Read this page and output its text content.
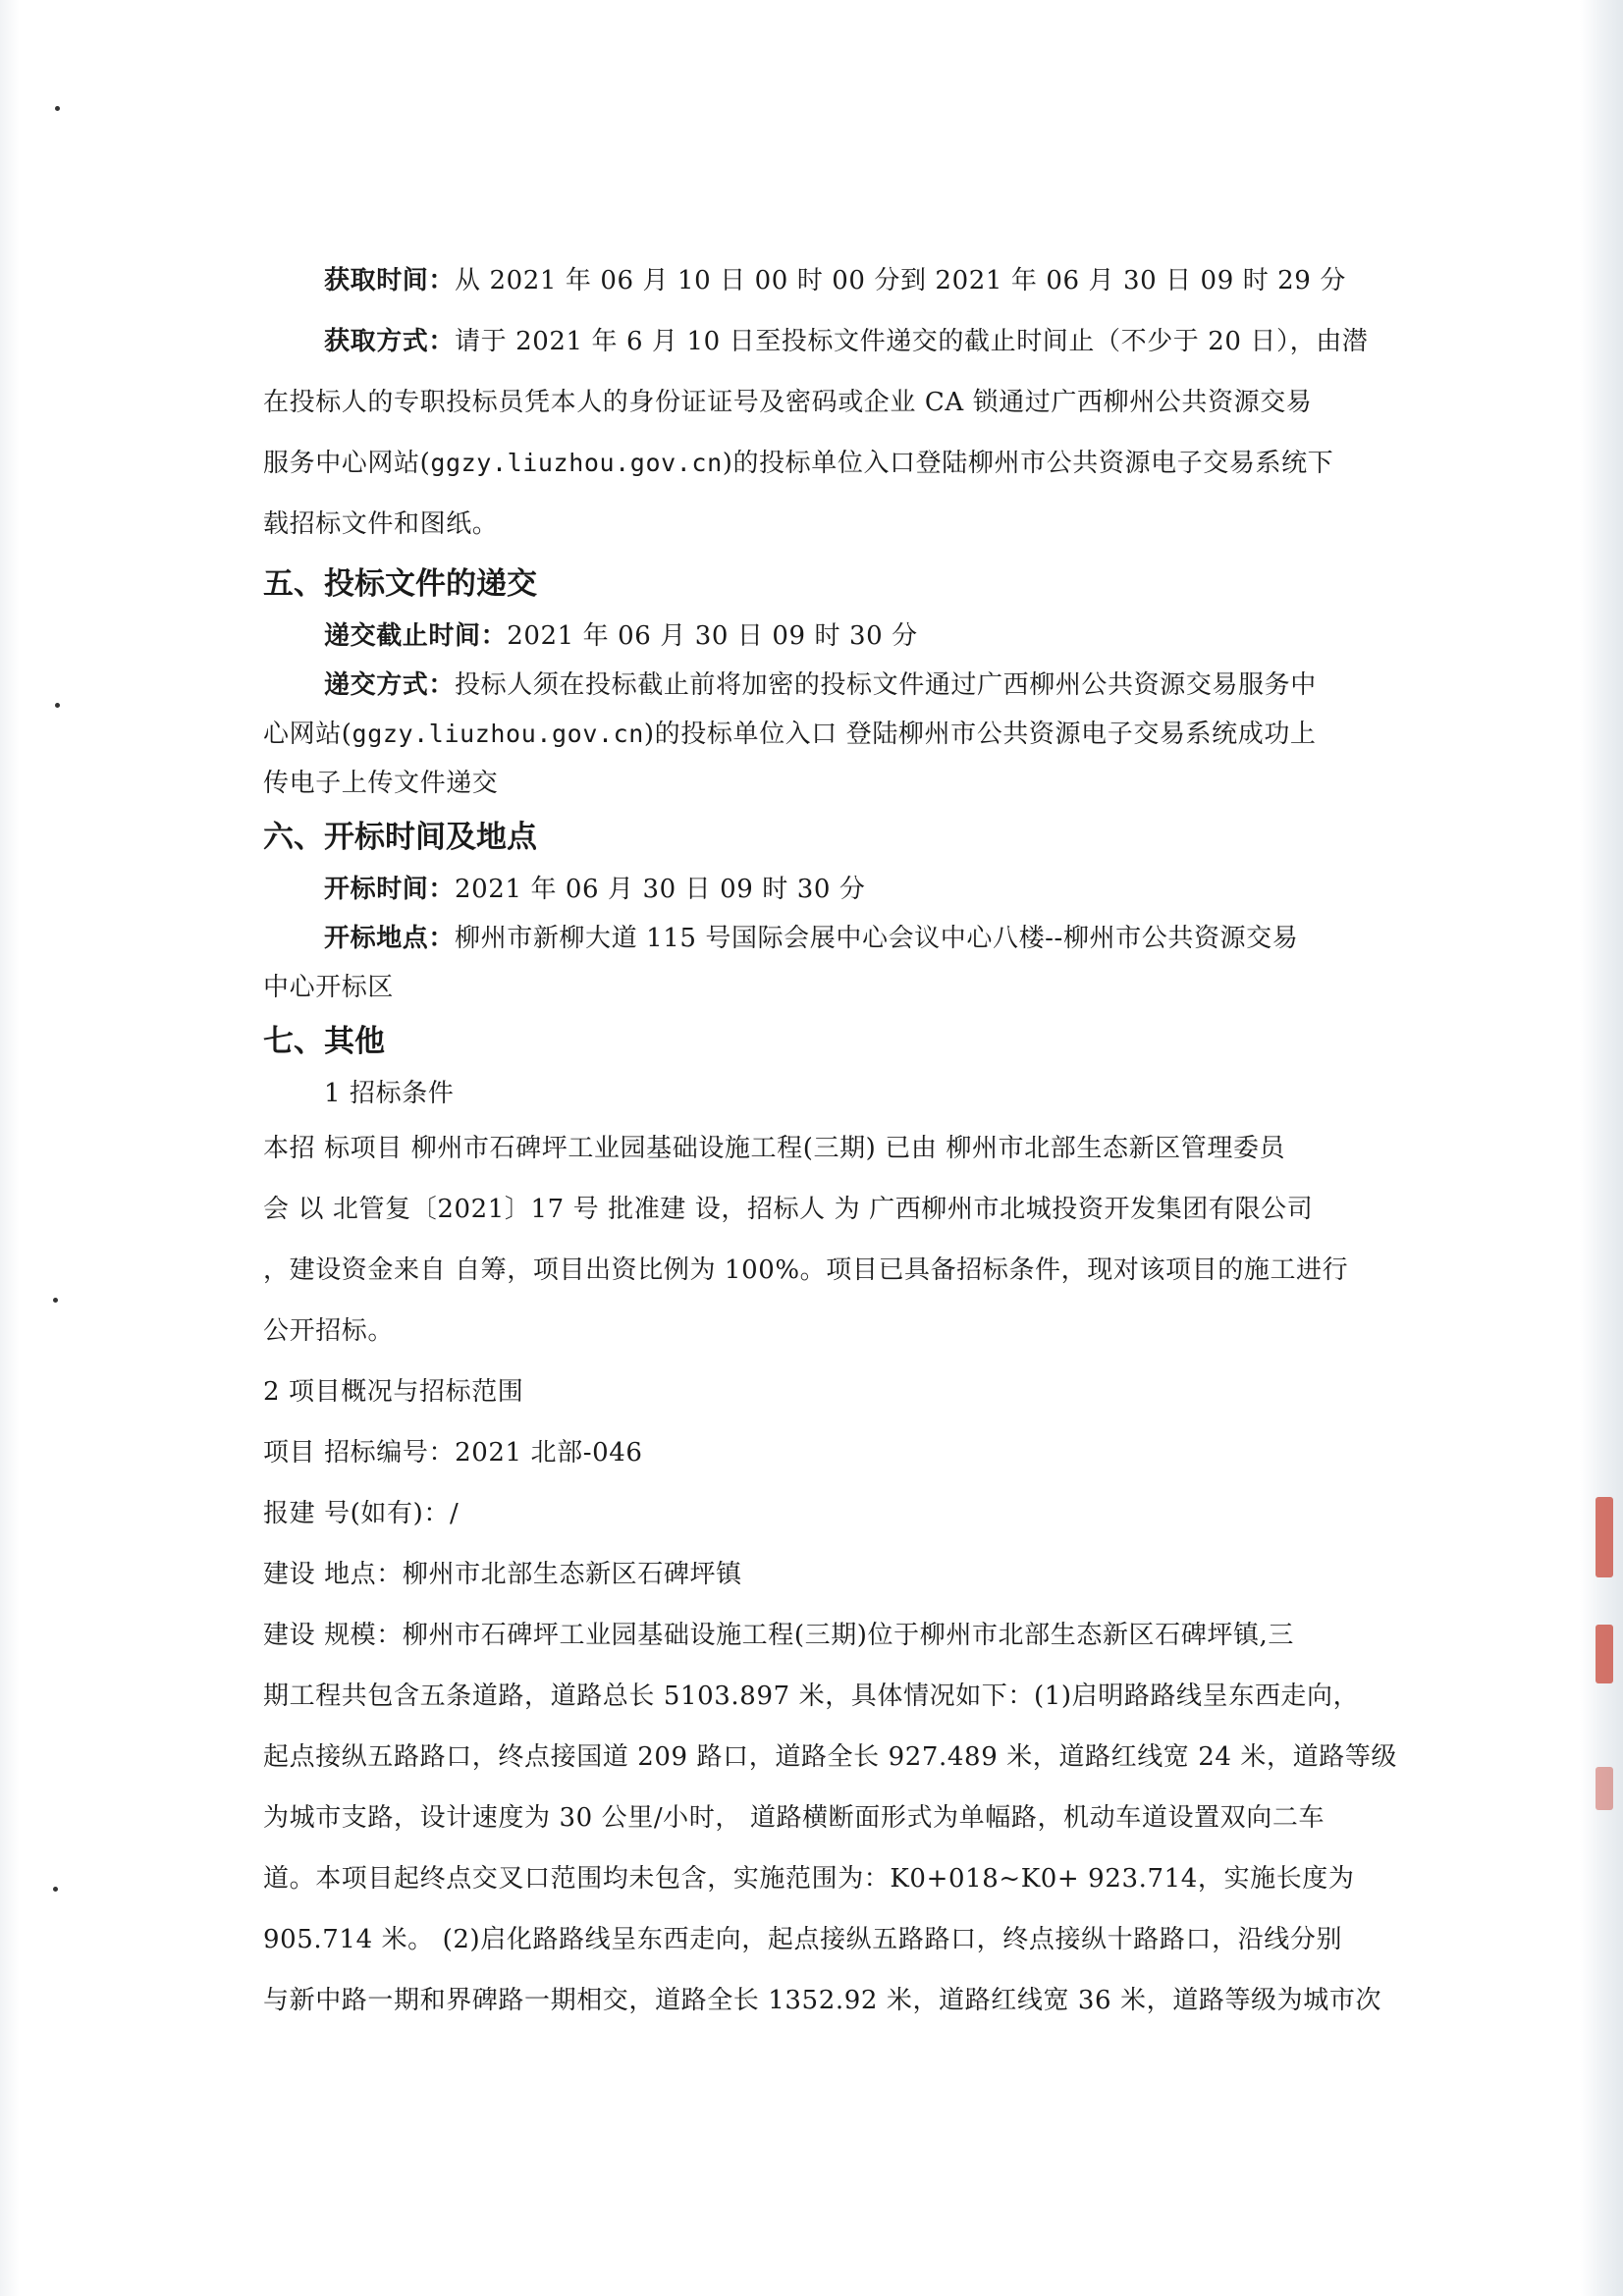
获取时间：从 2021 年 06 月 10 日 00 时 00 分到 2021 年 06 月 30 日 09 时 29 分
获取方式：请于 2021 年 6 月 10 日至投标文件递交的截止时间止（不少于 20 日），由潜
在投标人的专职投标员凭本人的身份证证号及密码或企业 CA 锁通过广西柳州公共资源交易
服务中心网站(ggzy.liuzhou.gov.cn)的投标单位入口登陆柳州市公共资源电子交易系统下
载招标文件和图纸。
五、投标文件的递交
递交截止时间：2021 年 06 月 30 日 09 时 30 分
递交方式：投标人须在投标截止前将加密的投标文件通过广西柳州公共资源交易服务中
心网站(ggzy.liuzhou.gov.cn)的投标单位入口 登陆柳州市公共资源电子交易系统成功上
传电子上传文件递交
六、开标时间及地点
开标时间：2021 年 06 月 30 日 09 时 30 分
开标地点：柳州市新柳大道 115 号国际会展中心会议中心八楼--柳州市公共资源交易
中心开标区
七、其他
1 招标条件
本招 标项目 柳州市石碑坪工业园基础设施工程(三期) 已由 柳州市北部生态新区管理委员
会 以 北管复〔2021〕17 号 批准建 设，招标人 为 广西柳州市北城投资开发集团有限公司
，建设资金来自 自筹，项目出资比例为 100%。项目已具备招标条件，现对该项目的施工进行
公开招标。
2 项目概况与招标范围
项目 招标编号：2021 北部-046
报建 号(如有)：/
建设 地点：柳州市北部生态新区石碑坪镇
建设 规模：柳州市石碑坪工业园基础设施工程(三期)位于柳州市北部生态新区石碑坪镇,三
期工程共包含五条道路，道路总长 5103.897 米，具体情况如下：(1)启明路路线呈东西走向，
起点接纵五路路口，终点接国道 209 路口，道路全长 927.489 米，道路红线宽 24 米，道路等级
为城市支路，设计速度为 30 公里/小时， 道路横断面形式为单幅路，机动车道设置双向二车
道。本项目起终点交叉口范围均未包含，实施范围为：K0+018~K0+ 923.714，实施长度为
905.714 米。 (2)启化路路线呈东西走向，起点接纵五路路口，终点接纵十路路口，沿线分别
与新中路一期和界碑路一期相交，道路全长 1352.92 米，道路红线宽 36 米，道路等级为城市次
